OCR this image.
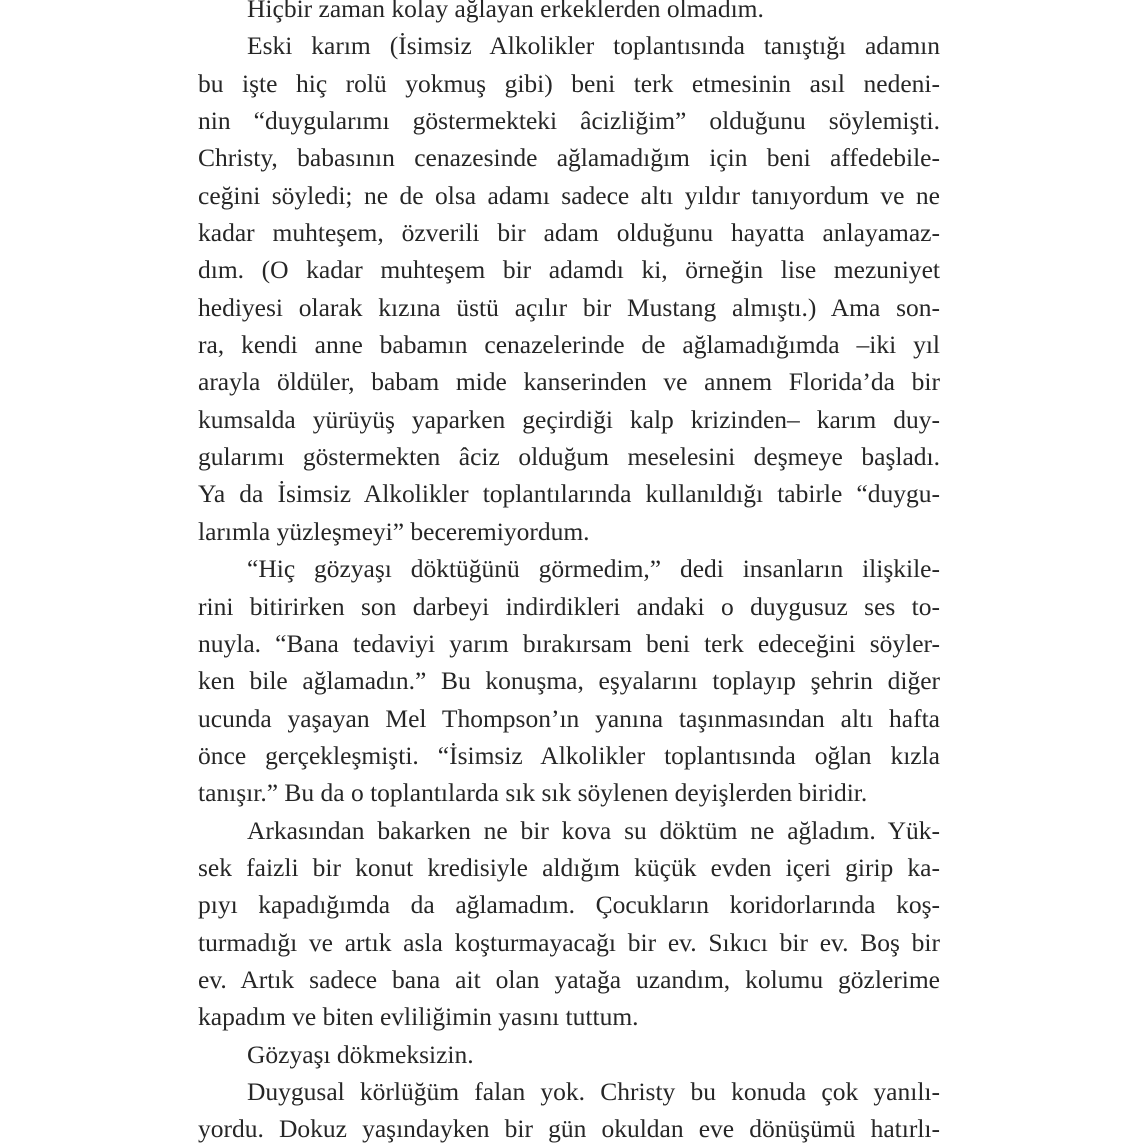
Hiçbir zaman kolay ağlayan erkeklerden olmadım.
Eski karım (İsimsiz Alkolikler toplantısında tanıştığı adamın
bu işte hiç rolü yokmuş gibi) beni terk etmesinin asıl nedeni-
nin “duygularımı göstermekteki âcizliğim” olduğunu söylemişti.
Christy, babasının cenazesinde ağlamadığım için beni affedebile-
ceğini söyledi; ne de olsa adamı sadece altı yıldır tanıyordum ve ne
kadar muhteşem, özverili bir adam olduğunu hayatta anlayamaz-
dım. (O kadar muhteşem bir adamdı ki, örneğin lise mezuniyet
hediyesi olarak kızına üstü açılır bir Mustang almıştı.) Ama son-
ra, kendi anne babamın cenazelerinde de ağlamadığımda –iki yıl
arayla öldüler, babam mide kanserinden ve annem Florida’da bir
kumsalda yürüyüş yaparken geçirdiği kalp krizinden– karım duy-
gularımı göstermekten âciz olduğum meselesini deşmeye başladı.
Ya da İsimsiz Alkolikler toplantılarında kullanıldığı tabirle “duygu-
larımla yüzleşmeyi” beceremiyordum.
“Hiç gözyaşı döktüğünü görmedim,” dedi insanların ilişkile-
rini bitirirken son darbeyi indirdikleri andaki o duygusuz ses to-
nuyla. “Bana tedaviyi yarım bırakırsam beni terk edeceğini söyler-
ken bile ağlamadın.” Bu konuşma, eşyalarını toplayıp şehrin diğer
ucunda yaşayan Mel Thompson’ın yanına taşınmasından altı hafta
önce gerçekleşmişti. “İsimsiz Alkolikler toplantısında oğlan kızla
tanışır.” Bu da o toplantılarda sık sık söylenen deyişlerden biridir.
Arkasından bakarken ne bir kova su döktüm ne ağladım. Yük-
sek faizli bir konut kredisiyle aldığım küçük evden içeri girip ka-
pıyı kapadığımda da ağlamadım. Çocukların koridorlarında koş-
turmadığı ve artık asla koşturmayacağı bir ev. Sıkıcı bir ev. Boş bir
ev. Artık sadece bana ait olan yatağa uzandım, kolumu gözlerime
kapadım ve biten evliliğimin yasını tuttum.
Gözyaşı dökmeksizin.
Duygusal körlüğüm falan yok. Christy bu konuda çok yanılı-
yordu. Dokuz yaşındayken bir gün okuldan eve dönüşümü hatırlı-
